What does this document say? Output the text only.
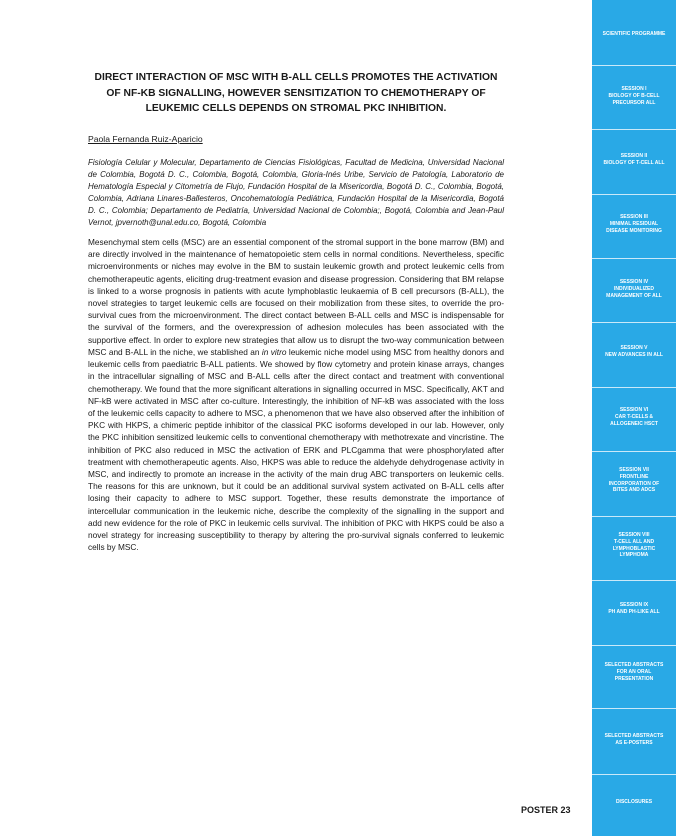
DIRECT INTERACTION OF MSC WITH B-ALL CELLS PROMOTES THE ACTIVATION OF NF-KB SIGNALLING, HOWEVER SENSITIZATION TO CHEMOTHERAPY OF LEUKEMIC CELLS DEPENDS ON STROMAL PKC INHIBITION.

Paola Fernanda Ruiz-Aparicio

Fisiología Celular y Molecular, Departamento de Ciencias Fisiológicas, Facultad de Medicina, Universidad Nacional de Colombia, Bogotá D. C., Colombia, Bogotá, Colombia, Gloria-Inés Uribe, Servicio de Patología, Laboratorio de Hematología Especial y Citometría de Flujo, Fundación Hospital de la Misericordia, Bogotá D. C., Colombia, Bogotá, Colombia, Adriana Linares-Ballesteros, Oncohematología Pediátrica, Fundación Hospital de la Misericordia, Bogotá D. C., Colombia; Departamento de Pediatría, Universidad Nacional de Colombia;, Bogotá, Colombia and Jean-Paul Vernot, jpvernoth@unal.edu.co, Bogotá, Colombia

Mesenchymal stem cells (MSC) are an essential component of the stromal support in the bone marrow (BM) and are directly involved in the maintenance of hematopoietic stem cells in normal conditions. Nevertheless, specific microenvironments or niches may evolve in the BM to sustain leukemic growth and protect leukemic cells from chemotherapeutic agents, eliciting drug-treatment evasion and disease progression. Considering that BM relapse is linked to a worse prognosis in patients with acute lymphoblastic leukaemia of B cell precursors (B-ALL), the novel strategies to target leukemic cells are focused on their mobilization from these sites, to override the pro-survival cues from the microenvironment. The direct contact between B-ALL cells and MSC is indispensable for the survival of the formers, and the overexpression of adhesion molecules has been associated with the supportive effect. In order to explore new strategies that allow us to disrupt the two-way communication between MSC and B-ALL in the niche, we stablished an in vitro leukemic niche model using MSC from healthy donors and leukemic cells from paediatric B-ALL patients. We showed by flow cytometry and protein kinase arrays, changes in the intracellular signalling of MSC and B-ALL cells after the direct contact and treatment with conventional chemotherapy. We found that the more significant alterations in signalling occurred in MSC. Specifically, AKT and NF-kB were activated in MSC after co-culture. Interestingly, the inhibition of NF-kB was associated with the loss of the leukemic cells capacity to adhere to MSC, a phenomenon that we have also observed after the inhibition of PKC with HKPS, a chimeric peptide inhibitor of the classical PKC isoforms developed in our lab. However, only the PKC inhibition sensitized leukemic cells to conventional chemotherapy with methotrexate and vincristine. The inhibition of PKC also reduced in MSC the activation of ERK and PLCgamma that were phosphorylated after treatment with chemotherapeutic agents. Also, HKPS was able to reduce the aldehyde dehydrogenase activity in MSC, and indirectly to promote an increase in the activity of the main drug ABC transporters on leukemic cells. The reasons for this are unknown, but it could be an additional survival system activated on B-ALL cells after losing their capacity to adhere to MSC support. Together, these results demonstrate the importance of intercellular communication in the leukemic niche, describe the complexity of the signalling in the support and add new evidence for the role of PKC in leukemic cells survival. The inhibition of PKC with HKPS could be also a novel strategy for increasing susceptibility to therapy by altering the pro-survival signals conferred to leukemic cells by MSC.

POSTER 23
SCIENTIFIC PROGRAMME
SESSION I
BIOLOGY OF B-CELL
PRECURSOR ALL
SESSION II
BIOLOGY OF T-CELL ALL
SESSION III
MINIMAL RESIDUAL
DISEASE MONITORING
SESSION IV
INDIVIDUALIZED
MANAGEMENT OF ALL
SESSION V
NEW ADVANCES IN ALL
SESSION VI
CAR T-CELLS &
ALLOGENEIC HSCT
SESSION VII
FRONTLINE
INCORPORATION OF
BITES AND ADCS
SESSION VIII
T-CELL ALL AND
LYMPHOBLASTIC
LYMPHOMA
SESSION IX
PH AND PH-LIKE ALL
SELECTED ABSTRACTS
FOR AN ORAL
PRESENTATION
SELECTED ABSTRACTS
AS E-POSTERS
DISCLOSURES
